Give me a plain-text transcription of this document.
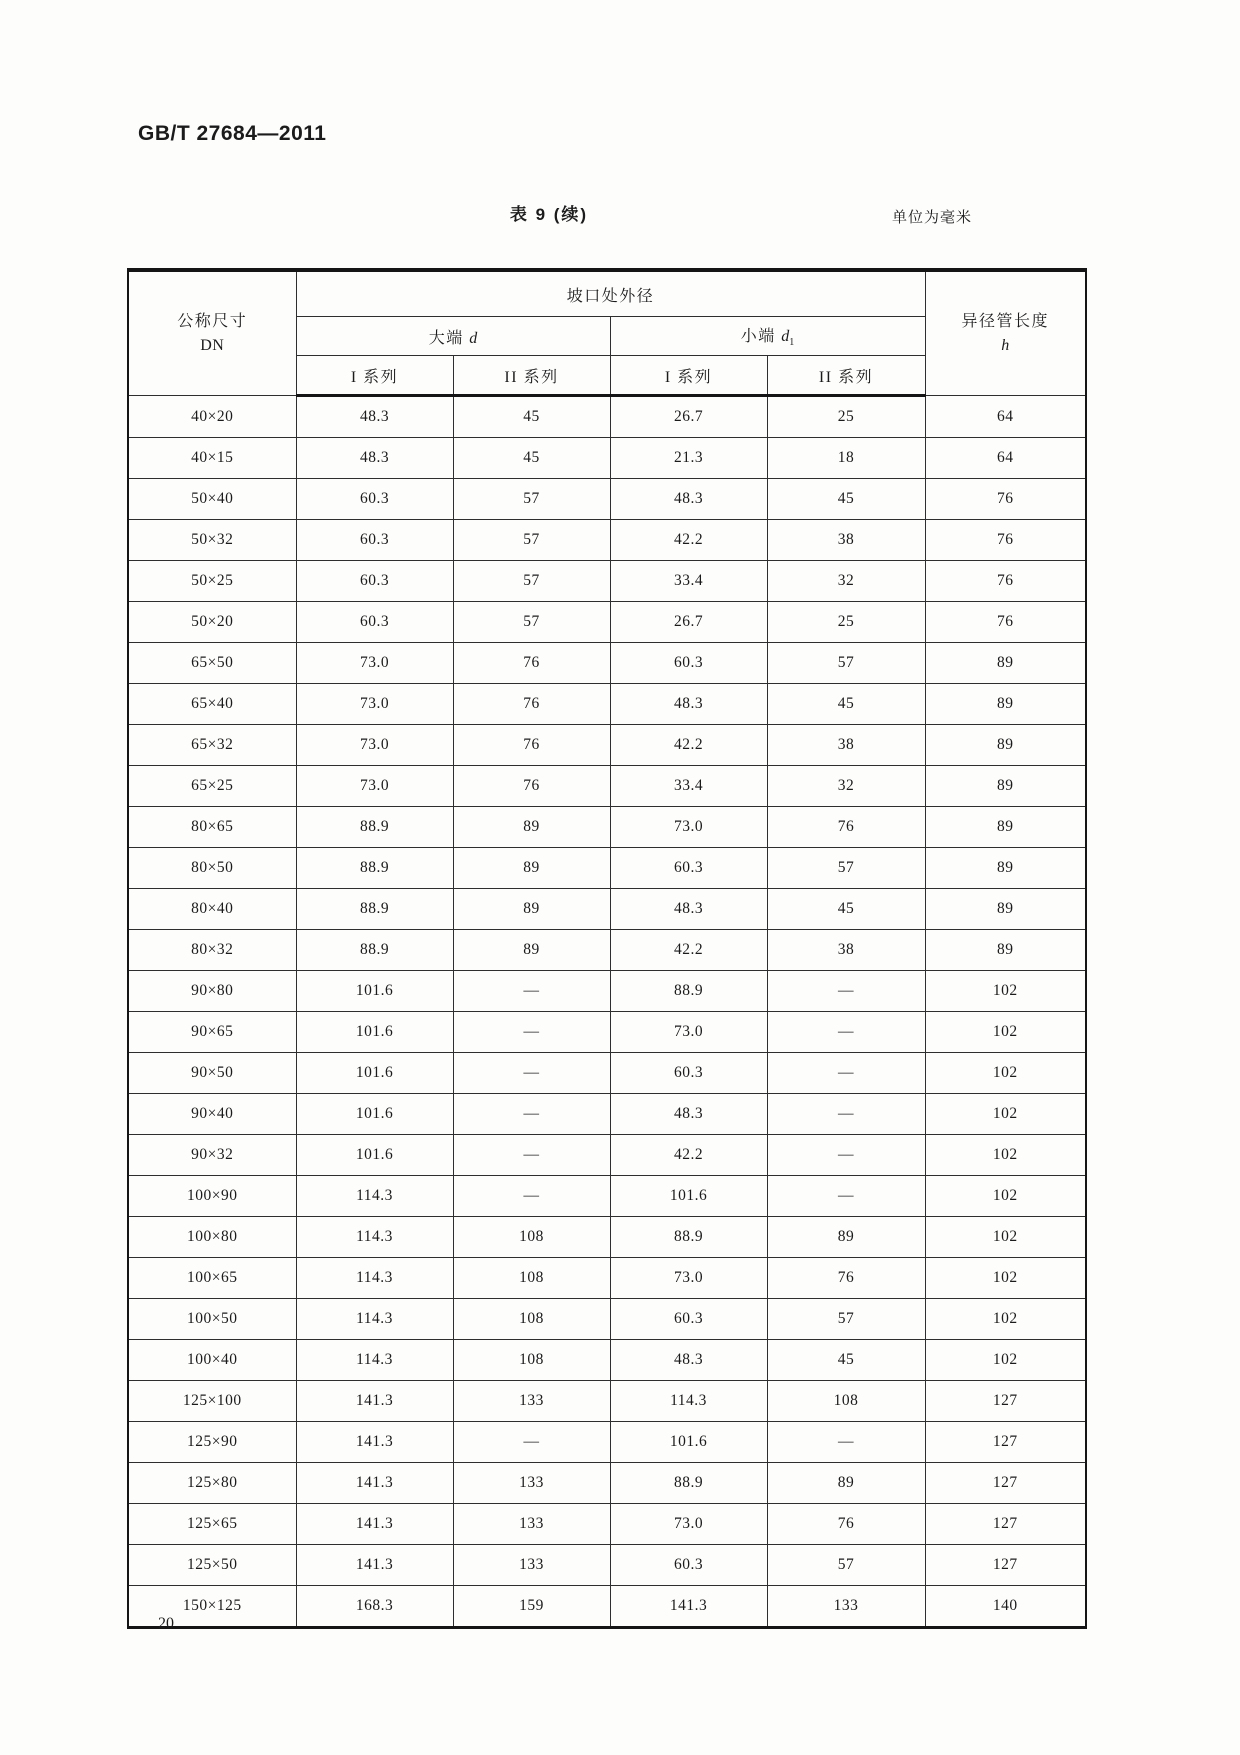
GB/T 27684—2011
表 9 (续)	单位为毫米
公称尺寸
DN
	坡口处外径	
异径管长度
h

	大端 d		小端 $d_1$
	I 系列	II 系列	I 系列	II 系列	
40×20	48.3	45	26.7	25	64
40×15	48.3	45	21.3	18	64
50×40	60.3	57	48.3	45	76
50×32	60.3	57	42.2	38	76
50×25	60.3	57	33.4	32	76
50×20	60.3	57	26.7	25	76
65×50	73.0	76	60.3	57	89
65×40	73.0	76	48.3	45	89
65×32	73.0	76	42.2	38	89
65×25	73.0	76	33.4	32	89
80×65	88.9	89	73.0	76	89
80×50	88.9	89	60.3	57	89
80×40	88.9	89	48.3	45	89
80×32	88.9	89	42.2	38	89
90×80	101.6	—	88.9	—	102
90×65	101.6	—	73.0	—	102
90×50	101.6	—	60.3	—	102
90×40	101.6	—	48.3	—	102
90×32	101.6	—	42.2	—	102
100×90	114.3	—	101.6	—	102
100×80	114.3	108	88.9	89	102
100×65	114.3	108	73.0	76	102
100×50	114.3	108	60.3	57	102
100×40	114.3	108	48.3	45	102
125×100	141.3	133	114.3	108	127
125×90	141.3	—	101.6	—	127
125×80	141.3	133	88.9	89	127
125×65	141.3	133	73.0	76	127
125×50	141.3	133	60.3	57	127
150×125	168.3	159	141.3	133	140
20
